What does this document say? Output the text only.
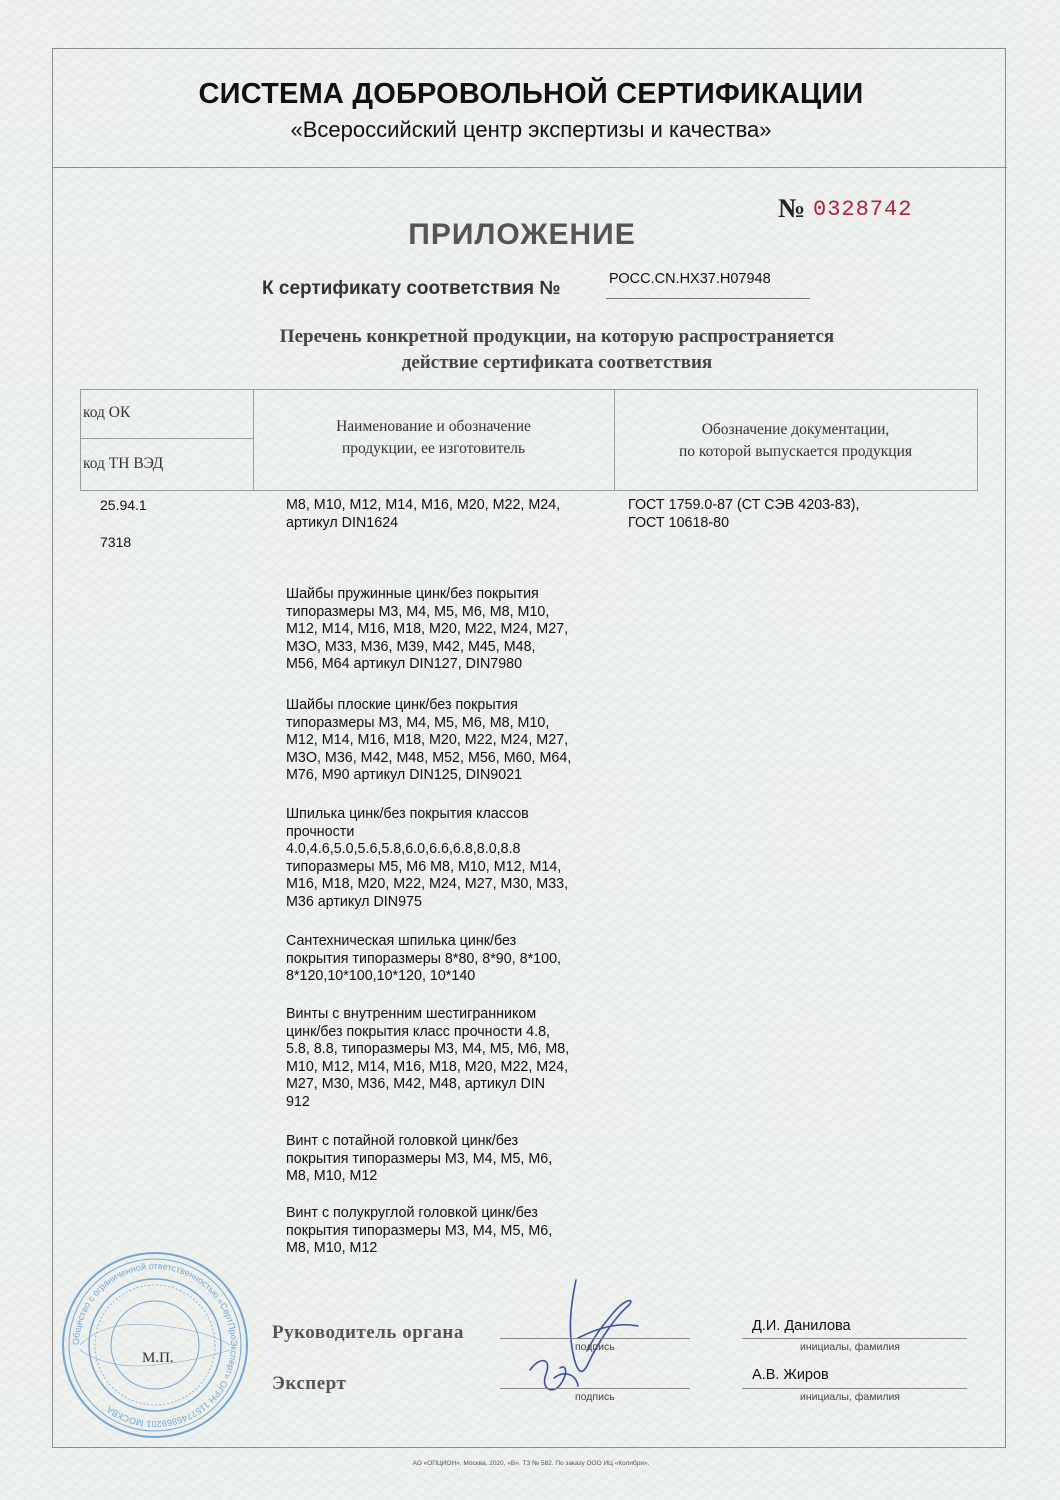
СИСТЕМА ДОБРОВОЛЬНОЙ СЕРТИФИКАЦИИ
«Всероссийский центр экспертизы и качества»
№ 0328742
ПРИЛОЖЕНИЕ
К сертификату соответствия №	РОСС.CN.НХ37.Н07948
Перечень конкретной продукции, на которую распространяется
действие сертификата соответствия
код ОК
код ТН ВЭД
Наименование и обозначение
продукции, ее изготовитель
Обозначение документации,
по которой выпускается продукция
25.94.1
7318
М8, М10, М12, М14, М16, М20, М22, М24,
артикул DIN1624
Шайбы пружинные цинк/без покрытия
типоразмеры М3, М4, М5, М6, М8, М10,
М12, М14, М16, М18, М20, М22, М24, М27,
М3О, М33, М36, М39, М42, М45, М48,
М56, М64 артикул DIN127, DIN7980
Шайбы плоские цинк/без покрытия
типоразмеры М3, М4, М5, М6, М8, М10,
М12, М14, М16, М18, М20, М22, М24, М27,
М3О, М36, М42, М48, М52, М56, М60, М64,
М76, М90 артикул DIN125, DIN9021
Шпилька цинк/без покрытия классов
прочности
4.0,4.6,5.0,5.6,5.8,6.0,6.6,6.8,8.0,8.8
типоразмеры М5, М6 М8, М10, М12, М14,
М16, М18, М20, М22, М24, М27, М30, М33,
М36 артикул DIN975
Сантехническая шпилька цинк/без
покрытия типоразмеры 8*80, 8*90, 8*100,
8*120,10*100,10*120, 10*140
Винты с внутренним шестигранником
цинк/без покрытия класс прочности 4.8,
5.8, 8.8, типоразмеры М3, М4, М5, М6, М8,
М10, М12, М14, М16, М18, М20, М22, М24,
М27, М30, М36, М42, М48, артикул DIN
912
Винт с потайной головкой цинк/без
покрытия типоразмеры М3, М4, М5, М6,
М8, М10, М12
Винт с полукруглой головкой цинк/без
покрытия типоразмеры М3, М4, М5, М6,
М8, М10, М12
ГОСТ 1759.0-87 (СТ СЭВ 4203-83),
ГОСТ 10618-80
Общество с ограниченной ответственностью «СертПроЭксперт» ОГРН 1157746869201 МОСКВА
М.П.
Руководитель органа
подпись
Д.И. Данилова
инициалы, фамилия
Эксперт
подпись
А.В. Жиров
инициалы, фамилия
АО «ОПЦИОН», Москва, 2020, «В». ТЗ № 582. По заказу ООО ИЦ «Колибри».
